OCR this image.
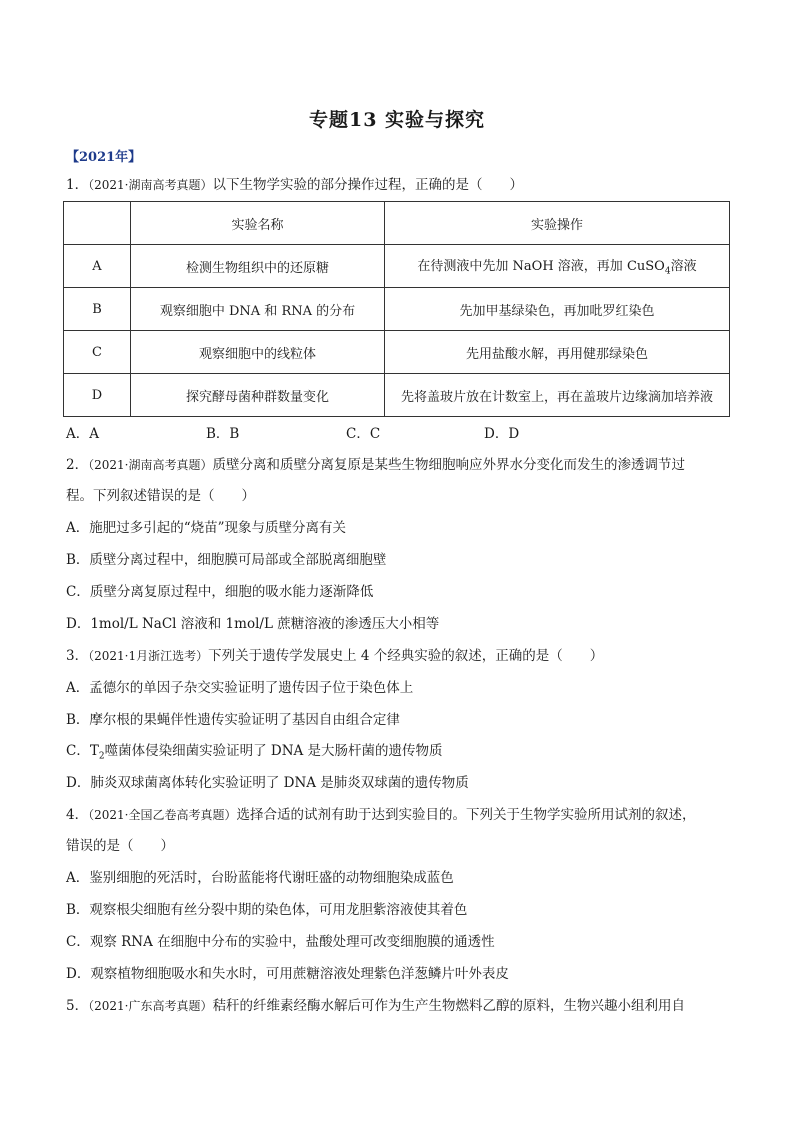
专题13 实验与探究
【2021年】
1．（2021·湖南高考真题）以下生物学实验的部分操作过程，正确的是（　　）
	实验名称	实验操作
A	检测生物组织中的还原糖	在待测液中先加 NaOH 溶液，再加 CuSO$_4$溶液
B	观察细胞中 DNA 和 RNA 的分布	先加甲基绿染色，再加吡罗红染色
C	观察细胞中的线粒体	先用盐酸水解，再用健那绿染色
D	探究酵母菌种群数量变化	先将盖玻片放在计数室上，再在盖玻片边缘滴加培养液
A．A	B．B	C．C	D．D
2．（2021·湖南高考真题）质壁分离和质壁分离复原是某些生物细胞响应外界水分变化而发生的渗透调节过
程。下列叙述错误的是（　　）
A．施肥过多引起的“烧苗”现象与质壁分离有关
B．质壁分离过程中，细胞膜可局部或全部脱离细胞壁
C．质壁分离复原过程中，细胞的吸水能力逐渐降低
D．1mol/L NaCl 溶液和 1mol/L 蔗糖溶液的渗透压大小相等
3．（2021·1月浙江选考）下列关于遗传学发展史上 4 个经典实验的叙述，正确的是（　　）
A．孟德尔的单因子杂交实验证明了遗传因子位于染色体上
B．摩尔根的果蝇伴性遗传实验证明了基因自由组合定律
C．$T_2$噬菌体侵染细菌实验证明了 DNA 是大肠杆菌的遗传物质
D．肺炎双球菌离体转化实验证明了 DNA 是肺炎双球菌的遗传物质
4．（2021·全国乙卷高考真题）选择合适的试剂有助于达到实验目的。下列关于生物学实验所用试剂的叙述，
错误的是（　　）
A．鉴别细胞的死活时，台盼蓝能将代谢旺盛的动物细胞染成蓝色
B．观察根尖细胞有丝分裂中期的染色体，可用龙胆紫溶液使其着色
C．观察 RNA 在细胞中分布的实验中，盐酸处理可改变细胞膜的通透性
D．观察植物细胞吸水和失水时，可用蔗糖溶液处理紫色洋葱鳞片叶外表皮
5．（2021·广东高考真题）秸秆的纤维素经酶水解后可作为生产生物燃料乙醇的原料，生物兴趣小组利用自
